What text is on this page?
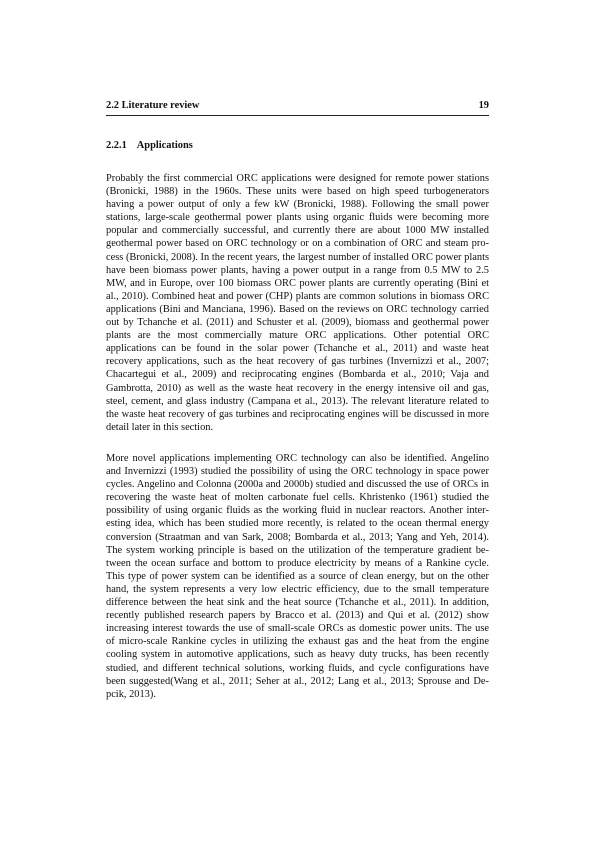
2.2 Literature review	19
2.2.1 Applications

Probably the first commercial ORC applications were designed for remote power stations (Bronicki, 1988) in the 1960s. These units were based on high speed turbogenerators having a power output of only a few kW (Bronicki, 1988). Following the small power stations, large-scale geothermal power plants using organic fluids were becoming more popular and commercially successful, and currently there are about 1000 MW installed geothermal power based on ORC technology or on a combination of ORC and steam process (Bronicki, 2008). In the recent years, the largest number of installed ORC power plants have been biomass power plants, having a power output in a range from 0.5 MW to 2.5 MW, and in Europe, over 100 biomass ORC power plants are currently operating (Bini et al., 2010). Combined heat and power (CHP) plants are common solutions in biomass ORC applications (Bini and Manciana, 1996). Based on the reviews on ORC technology carried out by Tchanche et al. (2011) and Schuster et al. (2009), biomass and geothermal power plants are the most commercially mature ORC applications. Other potential ORC applications can be found in the solar power (Tchanche et al., 2011) and waste heat recovery applications, such as the heat recovery of gas turbines (Invernizzi et al., 2007; Chacartegui et al., 2009) and reciprocating engines (Bombarda et al., 2010; Vaja and Gambrotta, 2010) as well as the waste heat recovery in the energy intensive oil and gas, steel, cement, and glass industry (Campana et al., 2013). The relevant literature related to the waste heat recovery of gas turbines and reciprocating engines will be discussed in more detail later in this section.

More novel applications implementing ORC technology can also be identified. Angelino and Invernizzi (1993) studied the possibility of using the ORC technology in space power cycles. Angelino and Colonna (2000a and 2000b) studied and discussed the use of ORCs in recovering the waste heat of molten carbonate fuel cells. Khristenko (1961) studied the possibility of using organic fluids as the working fluid in nuclear reactors. Another interesting idea, which has been studied more recently, is related to the ocean thermal energy conversion (Straatman and van Sark, 2008; Bombarda et al., 2013; Yang and Yeh, 2014). The system working principle is based on the utilization of the temperature gradient between the ocean surface and bottom to produce electricity by means of a Rankine cycle. This type of power system can be identified as a source of clean energy, but on the other hand, the system represents a very low electric efficiency, due to the small temperature difference between the heat sink and the heat source (Tchanche et al., 2011). In addition, recently published research papers by Bracco et al. (2013) and Qui et al. (2012) show increasing interest towards the use of small-scale ORCs as domestic power units. The use of micro-scale Rankine cycles in utilizing the exhaust gas and the heat from the engine cooling system in automotive applications, such as heavy duty trucks, has been recently studied, and different technical solutions, working fluids, and cycle configurations have been suggested(Wang et al., 2011; Seher at al., 2012; Lang et al., 2013; Sprouse and Depcik, 2013).
